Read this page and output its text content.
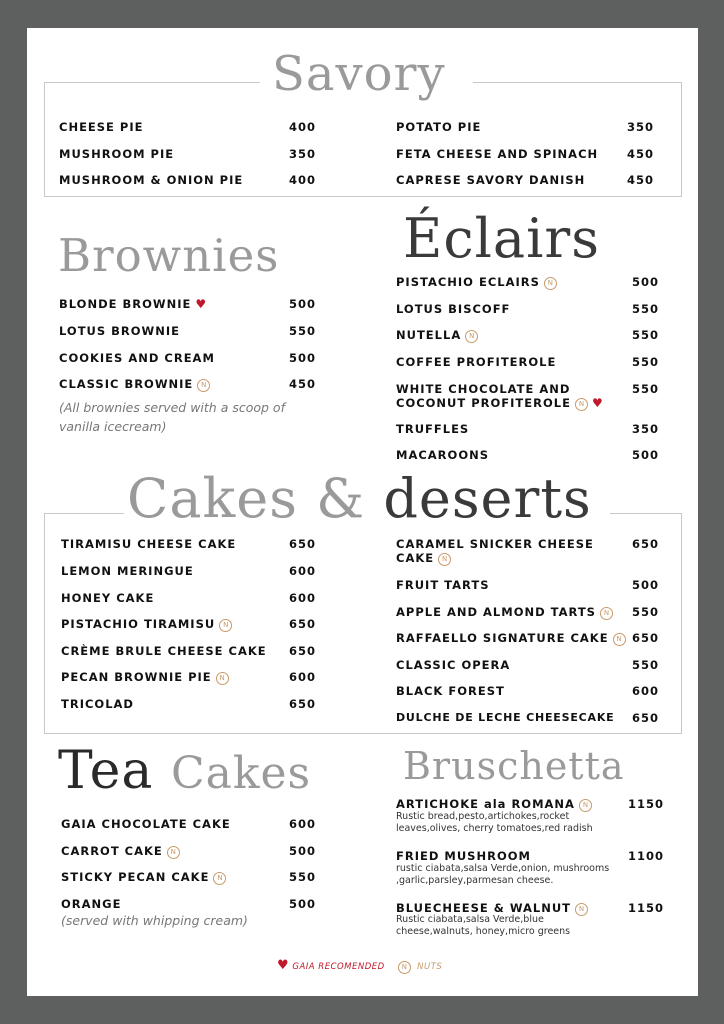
Savory
CHEESE PIE	400
MUSHROOM PIE	350
MUSHROOM & ONION PIE	400
POTATO PIE	350
FETA CHEESE AND SPINACH	450
CAPRESE SAVORY DANISH	450
Brownies
BLONDE BROWNIE ♥	500
LOTUS BROWNIE	550
COOKIES AND CREAM	500
CLASSIC BROWNIE N	450
(All brownies served with a scoop of vanilla icecream)
Éclairs
PISTACHIO ECLAIRS N	500
LOTUS BISCOFF	550
NUTELLA N	550
COFFEE PROFITEROLE	550
WHITE CHOCOLATE AND
COCONUT PROFITEROLE N ♥
550
TRUFFLES	350
MACAROONS	500
Cakes & deserts
TIRAMISU CHEESE CAKE	650
LEMON MERINGUE	600
HONEY CAKE	600
PISTACHIO TIRAMISU N	650
CRÈME BRULE CHEESE CAKE 650
PECAN BROWNIE PIE N	600
TRICOLAD	650
CARAMEL SNICKER CHEESE
CAKE N
650
FRUIT TARTS	500
APPLE AND ALMOND TARTS N	550
RAFFAELLO SIGNATURE CAKE N 650
CLASSIC OPERA	550
BLACK FOREST	600
DULCHE DE LECHE CHEESECAKE 650
Tea Cakes
GAIA CHOCOLATE CAKE	600
CARROT CAKE N	500
STICKY PECAN CAKE N	550
ORANGE	500
(served with whipping cream)
Bruschetta
ARTICHOKE ala ROMANA N	1150
Rustic bread,pesto,artichokes,rocket leaves,olives, cherry tomatoes,red radish
FRIED MUSHROOM	1100
rustic ciabata,salsa Verde,onion, mushrooms ,garlic,parsley,parmesan cheese.
BLUECHEESE & WALNUT N	1150
Rustic ciabata,salsa Verde,blue cheese,walnuts, honey,micro greens
♥ GAIA RECOMENDED N NUTS
